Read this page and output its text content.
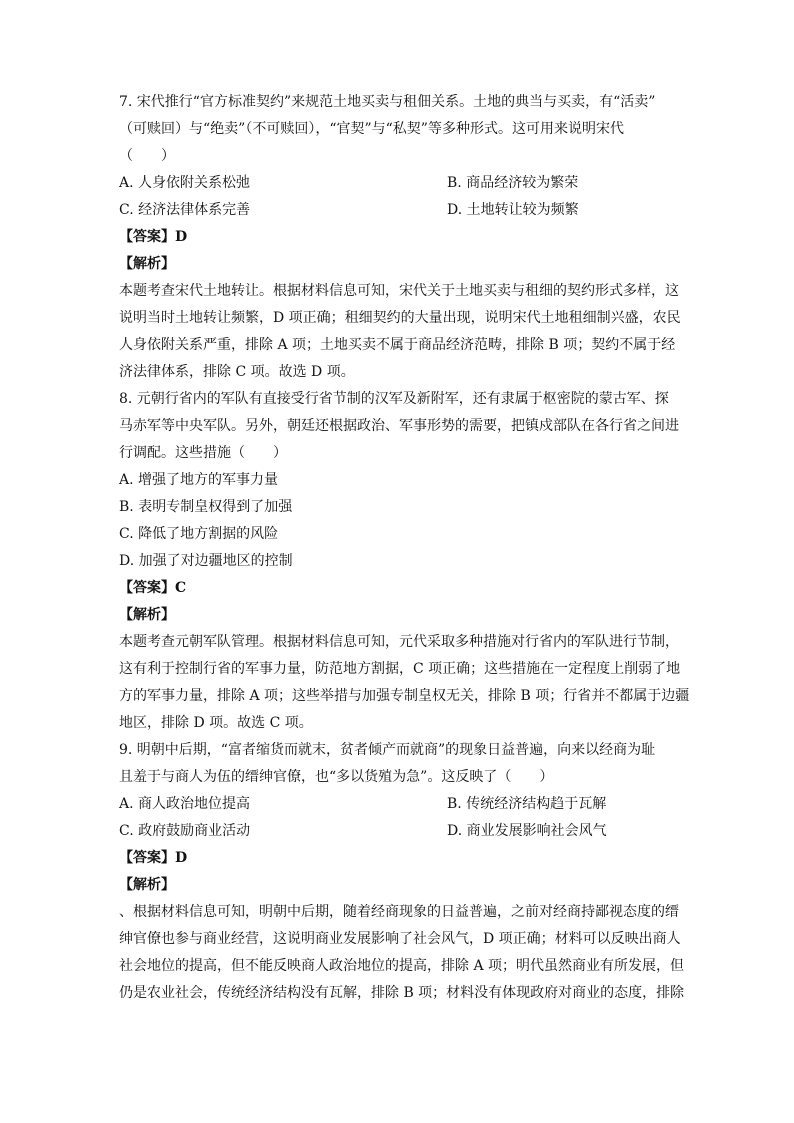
7. 宋代推行“官方标准契约”来规范土地买卖与租佃关系。土地的典当与买卖，有“活卖”
（可赎回）与“绝卖”（不可赎回），“官契”与“私契”等多种形式。这可用来说明宋代
（　　）
A. 人身依附关系松弛	B. 商品经济较为繁荣
C. 经济法律体系完善	D. 土地转让较为频繁
【答案】D
【解析】
本题考查宋代土地转让。根据材料信息可知，宋代关于土地买卖与租细的契约形式多样，这
说明当时土地转让频繁，D 项正确；租细契约的大量出现，说明宋代土地租细制兴盛，农民
人身依附关系严重，排除 A 项；土地买卖不属于商品经济范畴，排除 B 项；契约不属于经
济法律体系，排除 C 项。故选 D 项。
8. 元朝行省内的军队有直接受行省节制的汉军及新附军，还有隶属于枢密院的蒙古军、探
马赤军等中央军队。另外，朝廷还根据政治、军事形势的需要，把镇戍部队在各行省之间进
行调配。这些措施（　　）
A. 增强了地方的军事力量
B. 表明专制皇权得到了加强
C. 降低了地方割据的风险
D. 加强了对边疆地区的控制
【答案】C
【解析】
本题考查元朝军队管理。根据材料信息可知，元代采取多种措施对行省内的军队进行节制，
这有利于控制行省的军事力量，防范地方割据，C 项正确；这些措施在一定程度上削弱了地
方的军事力量，排除 A 项；这些举措与加强专制皇权无关，排除 B 项；行省并不都属于边疆
地区，排除 D 项。故选 C 项。
9. 明朝中后期，“富者缩货而就末，贫者倾产而就商”的现象日益普遍，向来以经商为耻
且羞于与商人为伍的缙绅官僚，也“多以货殖为急”。这反映了（　　）
A. 商人政治地位提高	B. 传统经济结构趋于瓦解
C. 政府鼓励商业活动	D. 商业发展影响社会风气
【答案】D
【解析】
、根据材料信息可知，明朝中后期，随着经商现象的日益普遍，之前对经商持鄙视态度的缙
绅官僚也参与商业经营，这说明商业发展影响了社会风气，D 项正确；材料可以反映出商人
社会地位的提高，但不能反映商人政治地位的提高，排除 A 项；明代虽然商业有所发展，但
仍是农业社会，传统经济结构没有瓦解，排除 B 项；材料没有体现政府对商业的态度，排除
